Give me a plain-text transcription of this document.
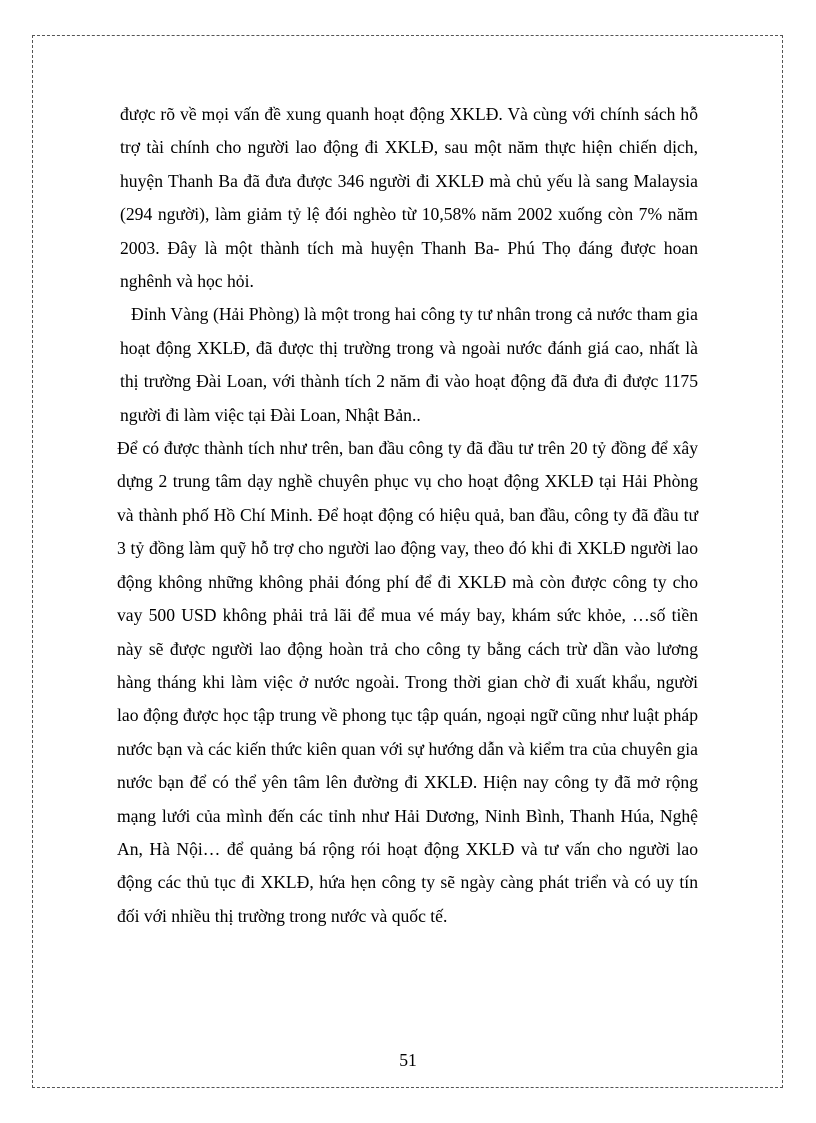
được rõ về mọi vấn đề xung quanh hoạt động XKLĐ. Và cùng với chính sách hỗ trợ tài chính cho người lao động đi XKLĐ, sau một năm thực hiện chiến dịch, huyện Thanh Ba đã đưa được 346 người đi XKLĐ mà chủ yếu là sang Malaysia (294 người), làm giảm tỷ lệ đói nghèo từ 10,58% năm 2002 xuống còn 7% năm 2003. Đây là một thành tích mà huyện Thanh Ba- Phú Thọ đáng được hoan nghênh và học hỏi.

Đỉnh Vàng (Hải Phòng) là một trong hai công ty tư nhân trong cả nước tham gia hoạt động XKLĐ, đã được thị trường trong và ngoài nước đánh giá cao, nhất là thị trường Đài Loan, với thành tích 2 năm đi vào hoạt động đã đưa đi được 1175 người đi làm việc tại Đài Loan, Nhật Bản..

Để có được thành tích như trên, ban đầu công ty đã đầu tư trên 20 tỷ đồng để xây dựng 2 trung tâm dạy nghề chuyên phục vụ cho hoạt động XKLĐ tại Hải Phòng và thành phố Hồ Chí Minh. Để hoạt động có hiệu quả, ban đầu, công ty đã đầu tư 3 tỷ đồng làm quỹ hỗ trợ cho người lao động vay, theo đó khi đi XKLĐ người lao động không những không phải đóng phí để đi XKLĐ mà còn được công ty cho vay 500 USD không phải trả lãi để mua vé máy bay, khám sức khỏe, …số tiền này sẽ được người lao động hoàn trả cho công ty bằng cách trừ dần vào lương hàng tháng khi làm việc ở nước ngoài. Trong thời gian chờ đi xuất khẩu, người lao động được học tập trung về phong tục tập quán, ngoại ngữ cũng như luật pháp nước bạn và các kiến thức kiên quan với sự hướng dẫn và kiểm tra của chuyên gia nước bạn để có thể yên tâm lên đường đi XKLĐ. Hiện nay công ty đã mở rộng mạng lưới của mình đến các tỉnh như Hải Dương, Ninh Bình, Thanh Húa, Nghệ An, Hà Nội… để quảng bá rộng rói hoạt động XKLĐ và tư vấn cho người lao động các thủ tục đi XKLĐ, hứa hẹn công ty sẽ ngày càng phát triển và có uy tín đối với nhiều thị trường trong nước và quốc tế.

51
